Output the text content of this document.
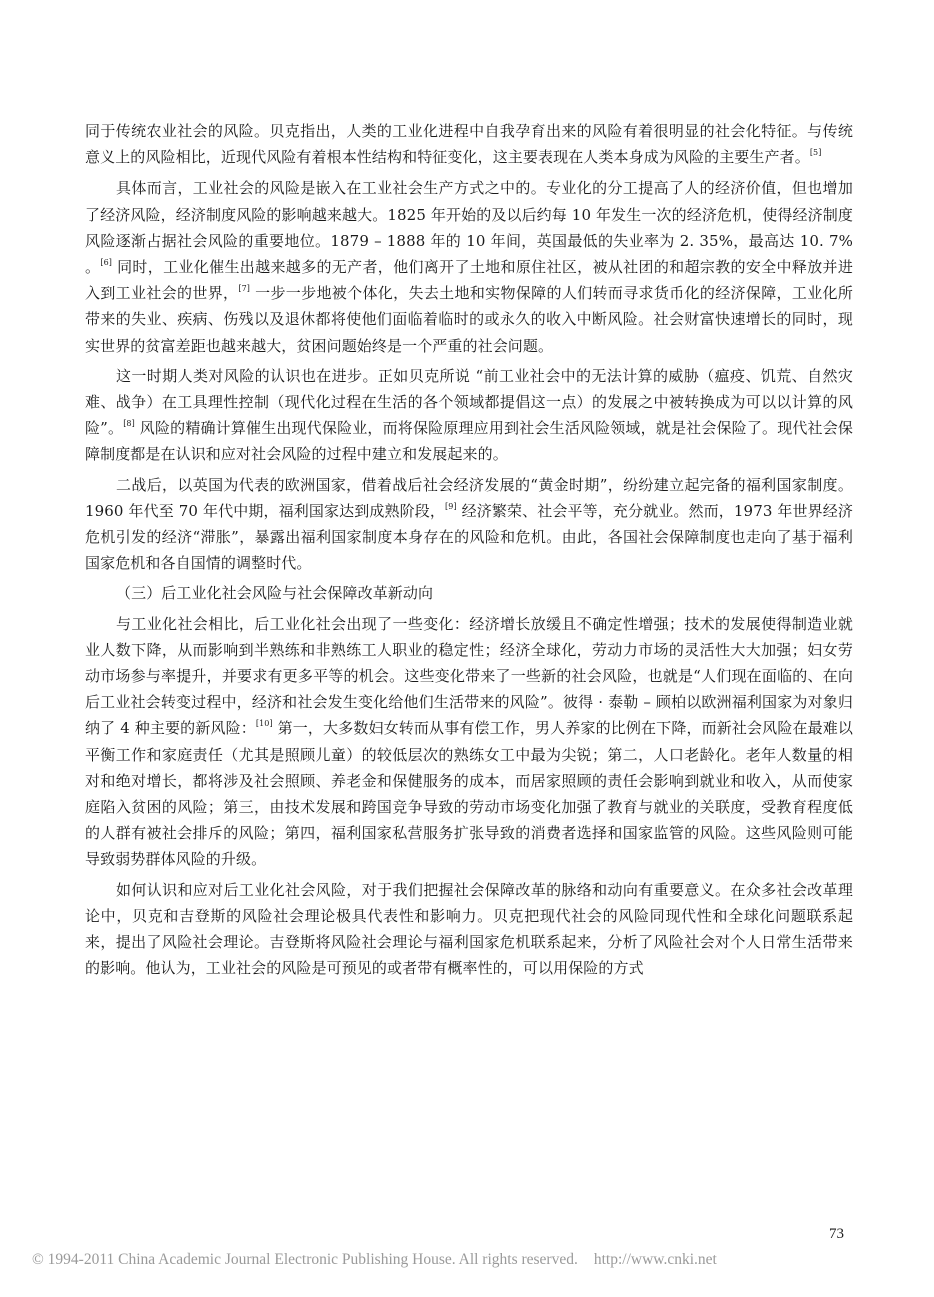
同于传统农业社会的风险。贝克指出，人类的工业化进程中自我孕育出来的风险有着很明显的社会化特征。与传统意义上的风险相比，近现代风险有着根本性结构和特征变化，这主要表现在人类本身成为风险的主要生产者。[5]

具体而言，工业社会的风险是嵌入在工业社会生产方式之中的。专业化的分工提高了人的经济价值，但也增加了经济风险，经济制度风险的影响越来越大。1825 年开始的及以后约每 10 年发生一次的经济危机，使得经济制度风险逐渐占据社会风险的重要地位。1879 – 1888 年的 10 年间，英国最低的失业率为 2. 35%，最高达 10. 7% 。[6] 同时，工业化催生出越来越多的无产者，他们离开了土地和原住社区，被从社团的和超宗教的安全中释放并进入到工业社会的世界，[7] 一步一步地被个体化，失去土地和实物保障的人们转而寻求货币化的经济保障，工业化所带来的失业、疾病、伤残以及退休都将使他们面临着临时的或永久的收入中断风险。社会财富快速增长的同时，现实世界的贫富差距也越来越大，贫困问题始终是一个严重的社会问题。

这一时期人类对风险的认识也在进步。正如贝克所说 “前工业社会中的无法计算的威胁（瘟疫、饥荒、自然灾难、战争）在工具理性控制（现代化过程在生活的各个领域都提倡这一点）的发展之中被转换成为可以以计算的风险”。[8] 风险的精确计算催生出现代保险业，而将保险原理应用到社会生活风险领域，就是社会保险了。现代社会保障制度都是在认识和应对社会风险的过程中建立和发展起来的。

二战后，以英国为代表的欧洲国家，借着战后社会经济发展的“黄金时期”，纷纷建立起完备的福利国家制度。1960 年代至 70 年代中期，福利国家达到成熟阶段，[9] 经济繁荣、社会平等，充分就业。然而，1973 年世界经济危机引发的经济“滞胀”，暴露出福利国家制度本身存在的风险和危机。由此，各国社会保障制度也走向了基于福利国家危机和各自国情的调整时代。

（三）后工业化社会风险与社会保障改革新动向

与工业化社会相比，后工业化社会出现了一些变化：经济增长放缓且不确定性增强；技术的发展使得制造业就业人数下降，从而影响到半熟练和非熟练工人职业的稳定性；经济全球化，劳动力市场的灵活性大大加强；妇女劳动市场参与率提升，并要求有更多平等的机会。这些变化带来了一些新的社会风险，也就是“人们现在面临的、在向后工业社会转变过程中，经济和社会发生变化给他们生活带来的风险”。彼得 · 泰勒 – 顾柏以欧洲福利国家为对象归纳了 4 种主要的新风险：[10] 第一，大多数妇女转而从事有偿工作，男人养家的比例在下降，而新社会风险在最难以平衡工作和家庭责任（尤其是照顾儿童）的较低层次的熟练女工中最为尖锐；第二，人口老龄化。老年人数量的相对和绝对增长，都将涉及社会照顾、养老金和保健服务的成本，而居家照顾的责任会影响到就业和收入，从而使家庭陷入贫困的风险；第三，由技术发展和跨国竞争导致的劳动市场变化加强了教育与就业的关联度，受教育程度低的人群有被社会排斥的风险；第四，福利国家私营服务扩张导致的消费者选择和国家监管的风险。这些风险则可能导致弱势群体风险的升级。

如何认识和应对后工业化社会风险，对于我们把握社会保障改革的脉络和动向有重要意义。在众多社会改革理论中，贝克和吉登斯的风险社会理论极具代表性和影响力。贝克把现代社会的风险同现代性和全球化问题联系起来，提出了风险社会理论。吉登斯将风险社会理论与福利国家危机联系起来，分析了风险社会对个人日常生活带来的影响。他认为，工业社会的风险是可预见的或者带有概率性的，可以用保险的方式

73
© 1994-2011 China Academic Journal Electronic Publishing House. All rights reserved. http://www.cnki.net
